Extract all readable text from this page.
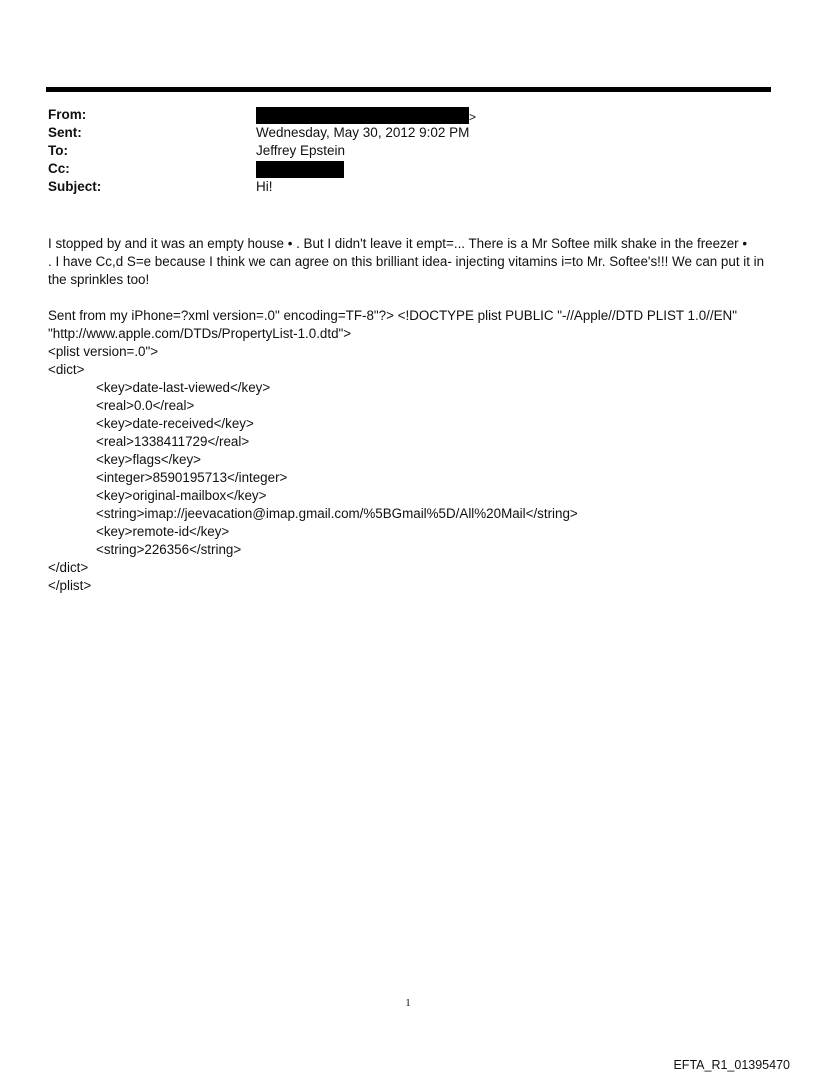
From:	>
Sent:	Wednesday, May 30, 2012 9:02 PM
To:	Jeffrey Epstein
Cc:
Subject:	Hi!

I stopped by and it was an empty house • . But I didn't leave it empt=... There is a Mr Softee milk shake in the freezer •

. I have Cc,d S=e because I think we can agree on this brilliant idea- injecting vitamins i=to Mr. Softee's!!! We can put it in

the sprinkles too!

Sent from my iPhone=?xml version=.0" encoding=TF-8"?> <!DOCTYPE plist PUBLIC "-//Apple//DTD PLIST 1.0//EN"

"http://www.apple.com/DTDs/PropertyList-1.0.dtd">

<plist version=.0">

<dict>

<key>date-last-viewed</key>

<real>0.0</real>

<key>date-received</key>

<real>1338411729</real>

<key>flags</key>

<integer>8590195713</integer>

<key>original-mailbox</key>

<string>imap://jeevacation@imap.gmail.com/%5BGmail%5D/All%20Mail</string>

<key>remote-id</key>

<string>226356</string>

</dict>

</plist>

1
EFTA_R1_01395470
